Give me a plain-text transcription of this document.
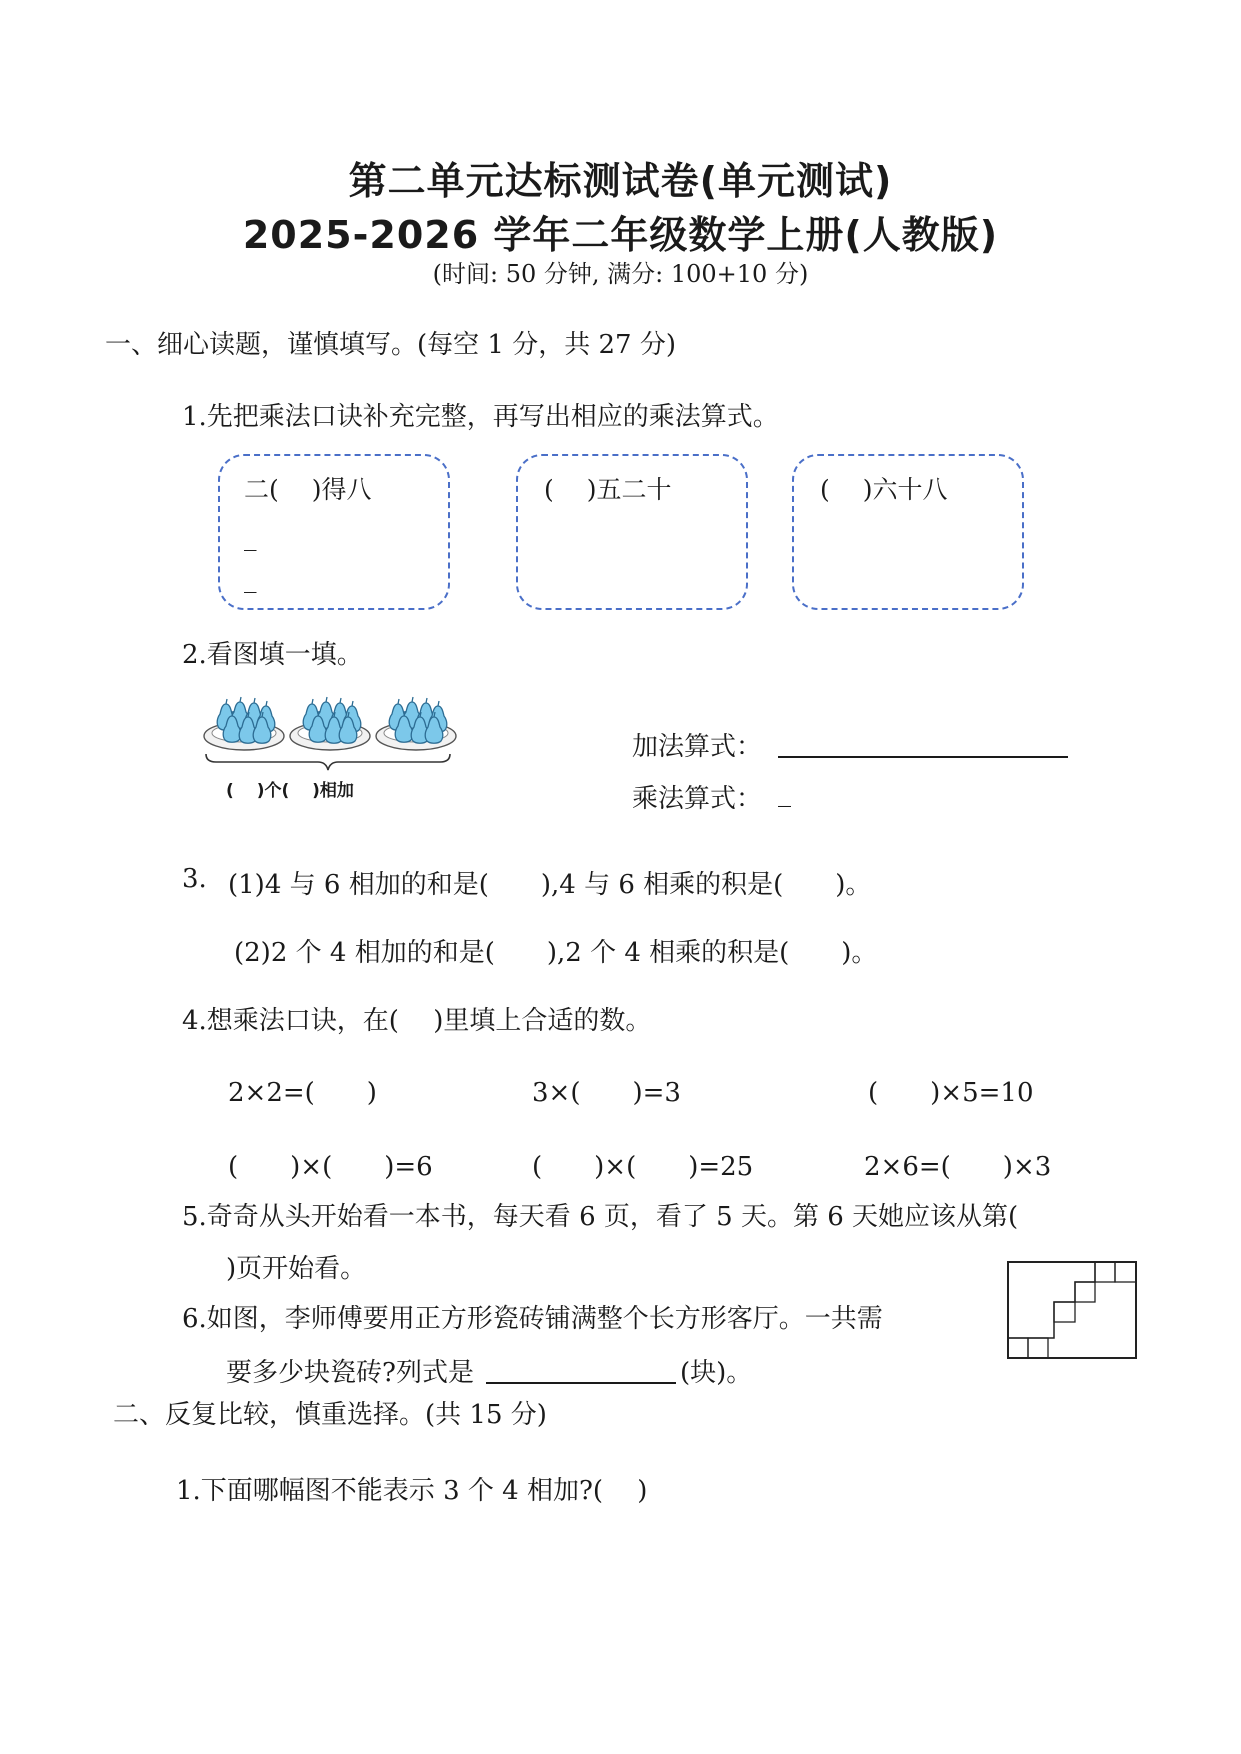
第二单元达标测试卷(单元测试)
2025-2026 学年二年级数学上册(人教版)
(时间: 50 分钟, 满分: 100+10 分)
一、细心读题，谨慎填写。(每空 1 分，共 27 分)
1.先把乘法口诀补充完整，再写出相应的乘法算式。
二(　 )得八
_
_
(　 )五二十	(　 )六十八
2.看图填一填。
(　 )个(　 )相加
加法算式：
乘法算式： _
3. (1)4 与 6 相加的和是(　　),4 与 6 相乘的积是(　　)。
(2)2 个 4 相加的和是(　　),2 个 4 相乘的积是(　　)。
4.想乘法口诀，在(　 )里填上合适的数。
2×2=(　　)	3×(　　)=3	(　　)×5=10
(　　)×(　　)=6	(　　)×(　　)=25	2×6=(　　)×3
5.奇奇从头开始看一本书，每天看 6 页，看了 5 天。第 6 天她应该从第(
)页开始看。
6.如图，李师傅要用正方形瓷砖铺满整个长方形客厅。一共需
要多少块瓷砖?列式是	(块)。
二、反复比较，慎重选择。(共 15 分)
1.下面哪幅图不能表示 3 个 4 相加?(　 )
